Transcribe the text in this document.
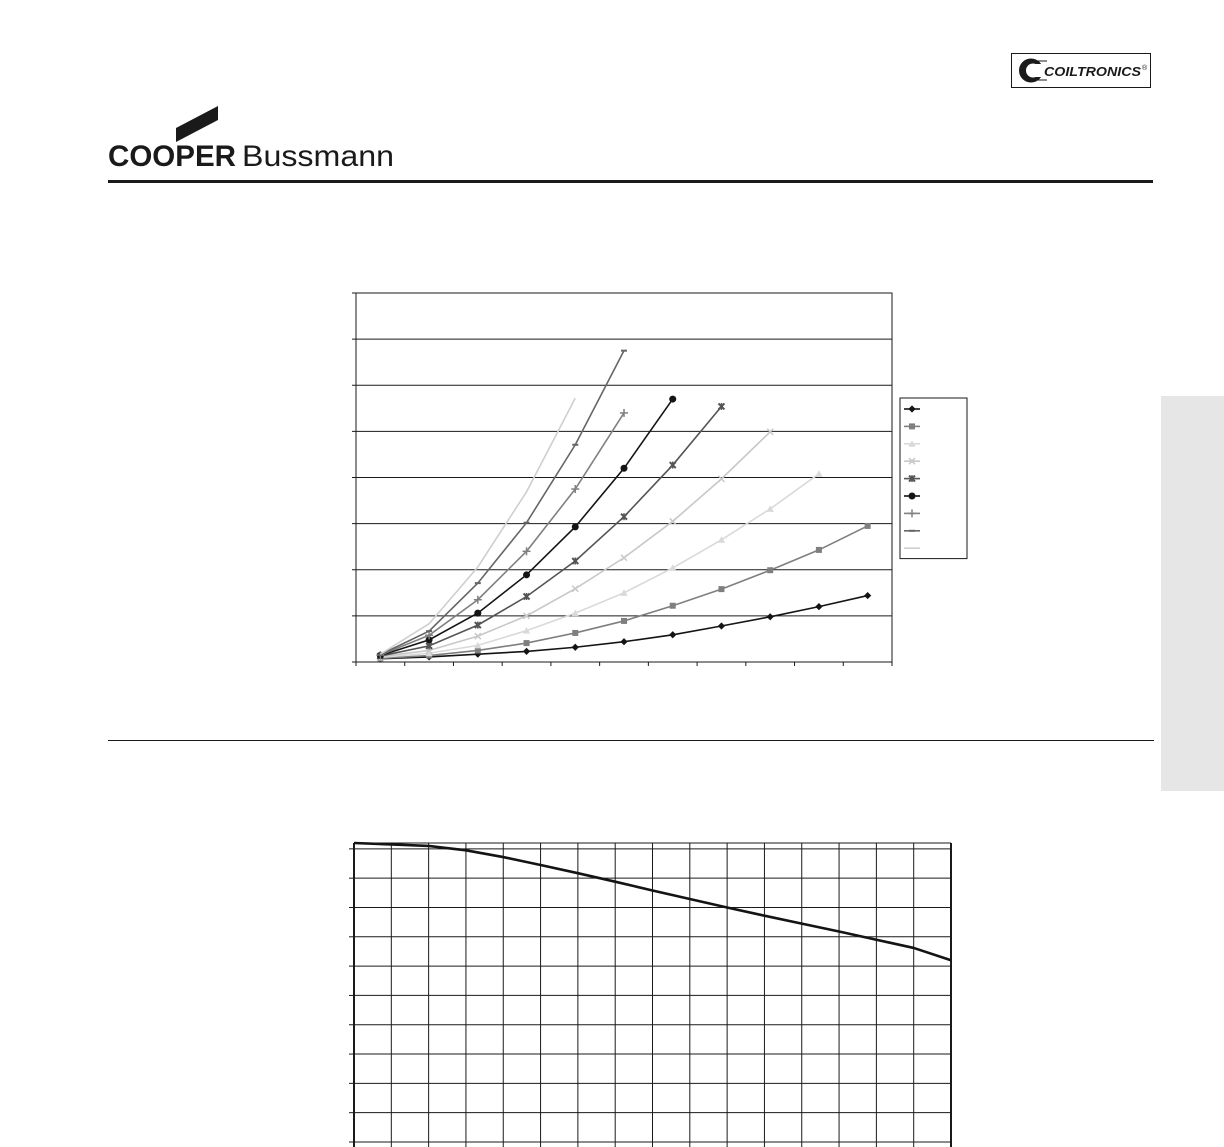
COOPER Bussmann
COILTRONICS ®
